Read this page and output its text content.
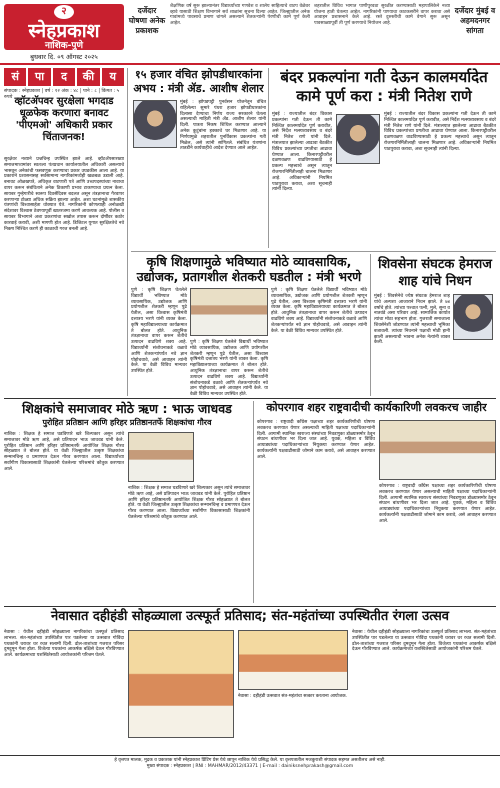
२
स्नेहप्रकाश
नाशिक-पुणे
बुधवार दि. ०९ ऑगस्ट २०२५
दर्जेदार घोषणा अनेक प्रकाशक
शैक्षणिक वर्ष सुरू झाल्यानंतर विद्यार्थ्यांच्या गणवेश व शालेय साहित्याचे वाटप वेळेवर व्हावे यासाठी शिक्षण विभागाने सर्व शाळांना सूचना दिल्या आहेत. जिल्ह्यातील अनेक गावांमध्ये पावसाचे प्रमाण चांगले असल्याने शेतकऱ्यांनी पेरणीची कामे पूर्ण केली आहेत.
शहरातील विविध भागात पाणीपुरवठा सुरळीत करण्यासाठी महापालिकेने नव्या योजना हाती घेतल्या आहेत. नागरिकांनी पाण्याचा काटकसरीने वापर करावा असे आवाहन प्रशासनाने केले आहे. रस्ते दुरुस्तीची कामे वेगाने सुरू असून पावसाळ्यापूर्वी ती पूर्ण करण्याचे नियोजन आहे.
दर्जेदार मुंबई व अहमदनगर सांगता
सं	पा	द	की	य
संपादक : स्नेहप्रकाश | वर्ष : १२ अंक : ४८ | पाने : ८ | किंमत : ५ रुपये व्हॉटअ‍ॅपवर सुरक्षेला भगदाड धूळफेक करणारा बनावट 'पीएमओ' अधिकारी प्रकार चिंताजनक!
सुरक्षेवर नव्याने प्रश्नचिन्ह उपस्थित झाले आहे. व्हॉटअ‍ॅपसारख्या समाजमाध्यमांवर स्वतःला पंतप्रधान कार्यालयातील अधिकारी असल्याचे भासवून अनेकांची फसवणूक करण्याचा प्रकार उघडकीस आला आहे. या प्रकाराने प्रशासनासह सर्वसामान्य नागरिकांमध्येही खळबळ उडाली आहे. बनावट ओळखपत्रे, अधिकृत वाटणारी पत्रे आणि उच्चपदस्थांच्या नावाचा वापर करून संबंधिताने अनेक ठिकाणी प्रभाव टाकण्याचा प्रयत्न केला. सायबर गुन्हेगारीचे स्वरूप दिवसेंदिवस बदलत असून तंत्रज्ञानाचा गैरवापर करणाऱ्या टोळ्या अधिक सक्रिय झाल्या आहेत. अशा घटनांमुळे शासकीय यंत्रणांची विश्वासार्हता धोक्यात येते. नागरिकांनी कोणत्याही अनोळखी संदेशावर विश्वास ठेवण्यापूर्वी खातरजमा करणे आवश्यक आहे. पोलीस व सायबर विभागाने अशा प्रकरणांचा सखोल तपास करून दोषींवर कठोर कारवाई करावी, अशी मागणी होत आहे. डिजिटल युगात सुरक्षिततेचे नवे निकष निश्चित करणे ही काळाची गरज बनली आहे.
१५ हजार वंचित झोपडीधारकांना अभय : मंत्री ॲड. आशीष शेलार
मुंबई : झोपडपट्टी पुनर्वसन योजनेतून वंचित राहिलेल्या सुमारे पंधरा हजार झोपडीधारकांना दिलासा देण्याचा निर्णय राज्य सरकारने घेतला असल्याची माहिती मंत्री ॲड. आशीष शेलार यांनी दिली. पात्रता निकष शिथिल करण्यात आल्याने अनेक कुटुंबांना हक्काचे घर मिळणार आहे. या निर्णयामुळे शहरातील पुनर्विकास प्रकल्पांना गती मिळेल, असे त्यांनी सांगितले. संबंधित यंत्रणांना तातडीने कार्यवाहीचे आदेश देण्यात आले आहेत.
बंदर प्रकल्पांना गती देऊन कालमर्यादेत कामे पूर्ण करा : मंत्री नितेश राणे
मुंबई : राज्यातील बंदर विकास प्रकल्पांना गती देऊन ती कामे निश्चित कालमर्यादेत पूर्ण करावीत, असे निर्देश मत्स्यव्यवसाय व बंदरे मंत्री नितेश राणे यांनी दिले. मंत्रालयात झालेल्या आढावा बैठकीत विविध प्रकल्पांच्या प्रगतीचा आढावा घेण्यात आला. किनारपट्टीवरील दळणवळण वाढविण्यासाठी हे प्रकल्प महत्त्वाचे असून त्यातून रोजगारनिर्मितीलाही चालना मिळणार आहे. अधिकाऱ्यांनी नियमित पाठपुरावा करावा, अशा सूचनाही त्यांनी दिल्या.
मुंबई : राज्यातील बंदर विकास प्रकल्पांना गती देऊन ती कामे निश्चित कालमर्यादेत पूर्ण करावीत, असे निर्देश मत्स्यव्यवसाय व बंदरे मंत्री नितेश राणे यांनी दिले. मंत्रालयात झालेल्या आढावा बैठकीत विविध प्रकल्पांच्या प्रगतीचा आढावा घेण्यात आला. किनारपट्टीवरील दळणवळण वाढविण्यासाठी हे प्रकल्प महत्त्वाचे असून त्यातून रोजगारनिर्मितीलाही चालना मिळणार आहे. अधिकाऱ्यांनी नियमित पाठपुरावा करावा, अशा सूचनाही त्यांनी दिल्या.
कृषि शिक्षणामुळे भविष्यात मोठे व्यावसायिक, उद्योजक, प्रतागशील शेतकरी घडतील : मंत्री भरणे
पुणे : कृषि शिक्षण घेतलेले विद्यार्थी भविष्यात मोठे व्यावसायिक, उद्योजक आणि प्रयोगशील शेतकरी म्हणून पुढे येतील, असा विश्वास कृषिमंत्री दत्तात्रय भरणे यांनी व्यक्त केला. कृषि महाविद्यालयाच्या कार्यक्रमात ते बोलत होते. आधुनिक तंत्रज्ञानाचा वापर करून शेतीचे उत्पादन वाढविणे शक्य आहे. विद्यार्थ्यांनी संशोधनाकडे वळावे आणि शेतकऱ्यांपर्यंत नवे ज्ञान पोहोचवावे, असे आवाहन त्यांनी केले. या वेळी विविध मान्यवर उपस्थित होते.
पुणे : कृषि शिक्षण घेतलेले विद्यार्थी भविष्यात मोठे व्यावसायिक, उद्योजक आणि प्रयोगशील शेतकरी म्हणून पुढे येतील, असा विश्वास कृषिमंत्री दत्तात्रय भरणे यांनी व्यक्त केला. कृषि महाविद्यालयाच्या कार्यक्रमात ते बोलत होते. आधुनिक तंत्रज्ञानाचा वापर करून शेतीचे उत्पादन वाढविणे शक्य आहे. विद्यार्थ्यांनी संशोधनाकडे वळावे आणि शेतकऱ्यांपर्यंत नवे ज्ञान पोहोचवावे, असे आवाहन त्यांनी केले. या वेळी विविध मान्यवर उपस्थित होते.
पुणे : कृषि शिक्षण घेतलेले विद्यार्थी भविष्यात मोठे व्यावसायिक, उद्योजक आणि प्रयोगशील शेतकरी म्हणून पुढे येतील, असा विश्वास कृषिमंत्री दत्तात्रय भरणे यांनी व्यक्त केला. कृषि महाविद्यालयाच्या कार्यक्रमात ते बोलत होते. आधुनिक तंत्रज्ञानाचा वापर करून शेतीचे उत्पादन वाढविणे शक्य आहे. विद्यार्थ्यांनी संशोधनाकडे वळावे आणि शेतकऱ्यांपर्यंत नवे ज्ञान पोहोचवावे, असे आवाहन त्यांनी केले. या वेळी विविध मान्यवर उपस्थित होते.
शिवसेना संघटक हेमराज शाह यांचे निधन
मुंबई : शिवसेनेचे ज्येष्ठ संघटक हेमराज शाह यांचे अल्पशा आजाराने निधन झाले. ते ७४ वर्षांचे होते. त्यांच्या पश्चात पत्नी, मुले, सुना व नातवंडे असा परिवार आहे. सामाजिक कार्यात त्यांचा मोठा सहभाग होता. गुजराती समाजाला शिवसेनेशी जोडण्यात त्यांनी महत्त्वाची भूमिका बजावली. त्यांच्या निधनाने पक्षाची मोठी हानी झाली असल्याची भावना अनेक नेत्यांनी व्यक्त केली.
शिक्षकांचे समाजावर मोठे ऋण : भाऊ जाधवड
पुरोहित प्रतिष्ठान आणि हरिहर प्रतिष्ठानतर्फे शिक्षकांचा गौरव
नाशिक : शिक्षक हे समाज घडविणारे खरे शिल्पकार असून त्यांचे समाजावर मोठे ऋण आहे, असे प्रतिपादन भाऊ जाधवड यांनी केले. पुरोहित प्रतिष्ठान आणि हरिहर प्रतिष्ठानतर्फे आयोजित शिक्षक गौरव सोहळ्यात ते बोलत होते. या वेळी जिल्ह्यातील उत्कृष्ट शिक्षकांचा सन्मानचिन्ह व प्रमाणपत्र देऊन गौरव करण्यात आला. विद्यार्थ्यांच्या सर्वांगीण विकासासाठी शिक्षकांनी घेतलेल्या परिश्रमांचे कौतुक करण्यात आले.
नाशिक : शिक्षक हे समाज घडविणारे खरे शिल्पकार असून त्यांचे समाजावर मोठे ऋण आहे, असे प्रतिपादन भाऊ जाधवड यांनी केले. पुरोहित प्रतिष्ठान आणि हरिहर प्रतिष्ठानतर्फे आयोजित शिक्षक गौरव सोहळ्यात ते बोलत होते. या वेळी जिल्ह्यातील उत्कृष्ट शिक्षकांचा सन्मानचिन्ह व प्रमाणपत्र देऊन गौरव करण्यात आला. विद्यार्थ्यांच्या सर्वांगीण विकासासाठी शिक्षकांनी घेतलेल्या परिश्रमांचे कौतुक करण्यात आले.
कोपरगाव शहर राष्ट्रवादीची कार्यकारिणी लवकरच जाहीर
कोपरगाव : राष्ट्रवादी काँग्रेस पक्षाच्या शहर कार्यकारिणीची घोषणा लवकरच करण्यात येणार असल्याची माहिती पक्षाच्या पदाधिकाऱ्यांनी दिली. आगामी स्थानिक स्वराज्य संस्थांच्या निवडणुका डोळ्यासमोर ठेवून संघटन बांधणीवर भर दिला जात आहे. युवक, महिला व विविध आघाड्यांच्या पदाधिकाऱ्यांच्या नियुक्त्या करण्यात येणार आहेत. कार्यकर्त्यांनी पक्षवाढीसाठी जोमाने काम करावे, असे आवाहन करण्यात आले.
कोपरगाव : राष्ट्रवादी काँग्रेस पक्षाच्या शहर कार्यकारिणीची घोषणा लवकरच करण्यात येणार असल्याची माहिती पक्षाच्या पदाधिकाऱ्यांनी दिली. आगामी स्थानिक स्वराज्य संस्थांच्या निवडणुका डोळ्यासमोर ठेवून संघटन बांधणीवर भर दिला जात आहे. युवक, महिला व विविध आघाड्यांच्या पदाधिकाऱ्यांच्या नियुक्त्या करण्यात येणार आहेत. कार्यकर्त्यांनी पक्षवाढीसाठी जोमाने काम करावे, असे आवाहन करण्यात आले.
नेवासात दहीहंडी सोहळ्याला उत्स्फूर्त प्रतिसाद; संत-महंतांच्या उपस्थितीत रंगला उत्सव
नेवासा : येथील दहीहंडी सोहळ्याला नागरिकांचा उत्स्फूर्त प्रतिसाद लाभला. संत-महंतांच्या उपस्थितीत पार पडलेल्या या उत्सवात गोविंदा पथकांनी थरावर थर रचत सलामी दिली. ढोल-ताशांच्या गजरात परिसर दुमदुमून गेला होता. विजेत्या पथकांना आकर्षक बक्षिसे देऊन गौरविण्यात आले. कार्यक्रमाच्या यशस्वितेसाठी आयोजकांनी परिश्रम घेतले.
नेवासा : दहीहंडी उत्सवात संत-महंतांचा सत्कार करताना आयोजक.
नेवासा : येथील दहीहंडी सोहळ्याला नागरिकांचा उत्स्फूर्त प्रतिसाद लाभला. संत-महंतांच्या उपस्थितीत पार पडलेल्या या उत्सवात गोविंदा पथकांनी थरावर थर रचत सलामी दिली. ढोल-ताशांच्या गजरात परिसर दुमदुमून गेला होता. विजेत्या पथकांना आकर्षक बक्षिसे देऊन गौरविण्यात आले. कार्यक्रमाच्या यशस्वितेसाठी आयोजकांनी परिश्रम घेतले.
हे वृत्तपत्र मालक, मुद्रक व प्रकाशक यांनी स्नेहप्रकाश प्रिंटिंग प्रेस येथे छापून नाशिक येथे प्रसिद्ध केले. या वृत्तपत्रातील मजकुराशी संपादक सहमत असतीलच असे नाही.
मुख्य संपादक : स्नेहप्रकाश | RNI : MAHMAR/2012/43371 | E-mail : dainiksnehprakash@gmail.com
